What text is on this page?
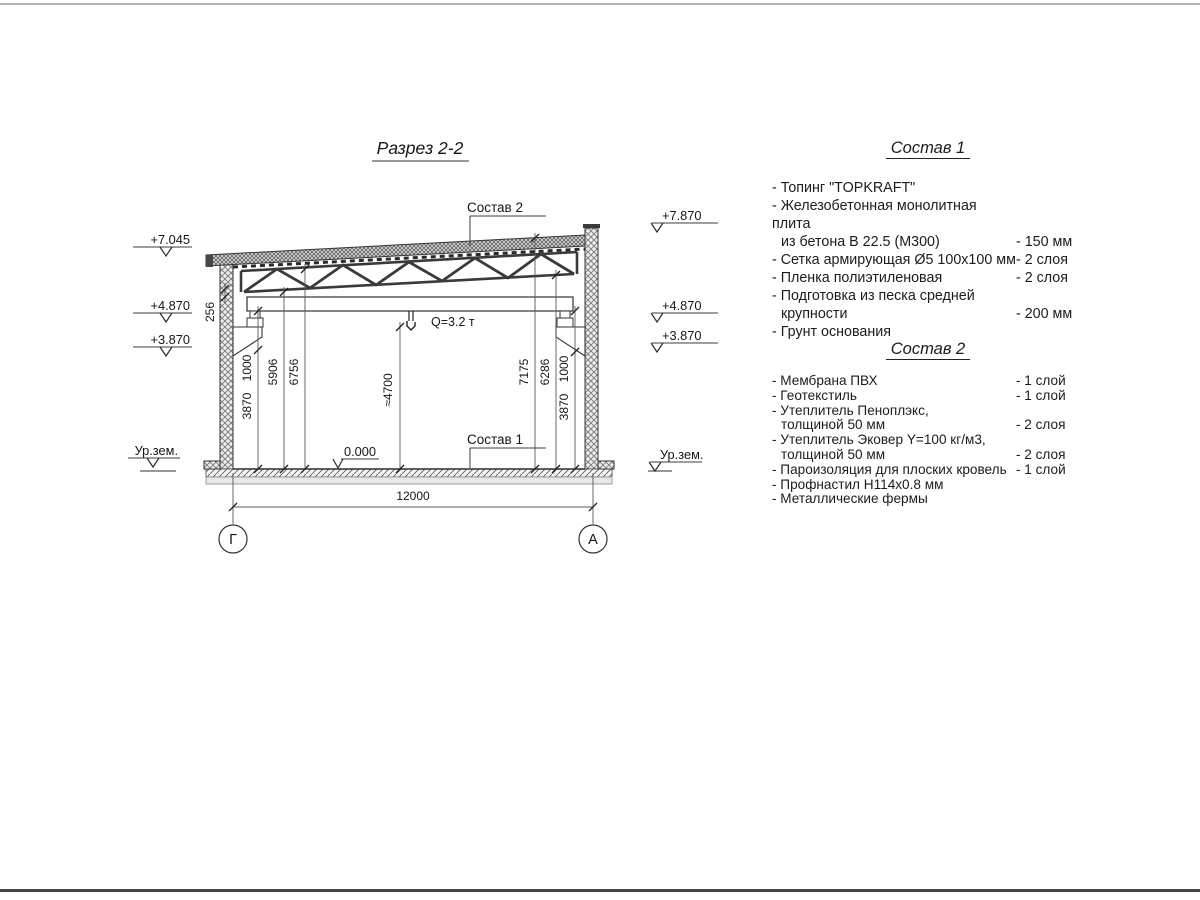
Разрез 2-2
Q=3.2 т
256
1000
3870
5906 6756
≈4700
7175 6286 1000
3870
+7.045
+4.870
+3.870
Ур.зем.
+7.870
+4.870
+3.870
Ур.зем.
0.000
Состав 2
Состав 1
12000
Г	А
Состав 1
- Топинг "TOPKRAFT"
- Железобетонная монолитная плита
из бетона В 22.5 (М300)	- 150 мм
- Сетка армирующая Ø5 100х100 мм - 2 слоя
- Пленка полиэтиленовая	- 2 слоя
- Подготовка из песка средней
крупности	- 200 мм
- Грунт основания
Состав 2
- Мембрана ПВХ	- 1 слой
- Геотекстиль	- 1 слой
- Утеплитель Пеноплэкс,
толщиной 50 мм	- 2 слоя
- Утеплитель Эковер Y=100 кг/м3,
толщиной 50 мм	- 2 слоя
- Пароизоляция для плоских кровель - 1 слой
- Профнастил Н114х0.8 мм
- Металлические фермы
